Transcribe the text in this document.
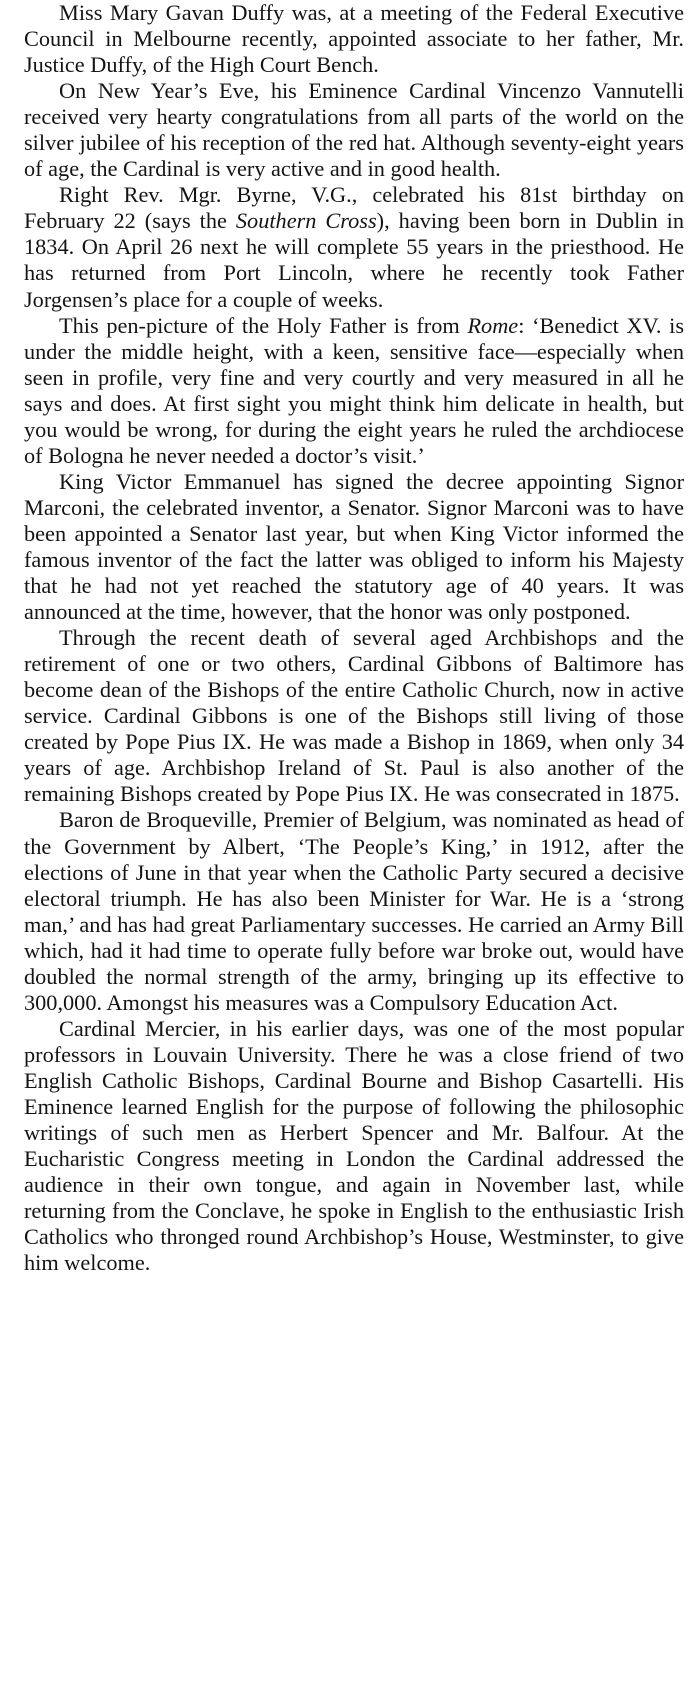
Miss Mary Gavan Duffy was, at a meeting of the Federal Executive Council in Melbourne recently, appointed associate to her father, Mr. Justice Duffy, of the High Court Bench.

On New Year’s Eve, his Eminence Cardinal Vincenzo Vannutelli received very hearty congratulations from all parts of the world on the silver jubilee of his reception of the red hat. Although seventy-eight years of age, the Cardinal is very active and in good health.

Right Rev. Mgr. Byrne, V.G., celebrated his 81st birthday on February 22 (says the Southern Cross), having been born in Dublin in 1834. On April 26 next he will complete 55 years in the priesthood. He has returned from Port Lincoln, where he recently took Father Jorgensen’s place for a couple of weeks.

This pen-picture of the Holy Father is from Rome: ‘Benedict XV. is under the middle height, with a keen, sensitive face—especially when seen in profile, very fine and very courtly and very measured in all he says and does. At first sight you might think him delicate in health, but you would be wrong, for during the eight years he ruled the archdiocese of Bologna he never needed a doctor’s visit.’

King Victor Emmanuel has signed the decree appointing Signor Marconi, the celebrated inventor, a Senator. Signor Marconi was to have been appointed a Senator last year, but when King Victor informed the famous inventor of the fact the latter was obliged to inform his Majesty that he had not yet reached the statutory age of 40 years. It was announced at the time, however, that the honor was only postponed.

Through the recent death of several aged Archbishops and the retirement of one or two others, Cardinal Gibbons of Baltimore has become dean of the Bishops of the entire Catholic Church, now in active service. Cardinal Gibbons is one of the Bishops still living of those created by Pope Pius IX. He was made a Bishop in 1869, when only 34 years of age. Archbishop Ireland of St. Paul is also another of the remaining Bishops created by Pope Pius IX. He was consecrated in 1875.

Baron de Broqueville, Premier of Belgium, was nominated as head of the Government by Albert, ‘The People’s King,’ in 1912, after the elections of June in that year when the Catholic Party secured a decisive electoral triumph. He has also been Minister for War. He is a ‘strong man,’ and has had great Parliamentary successes. He carried an Army Bill which, had it had time to operate fully before war broke out, would have doubled the normal strength of the army, bringing up its effective to 300,000. Amongst his measures was a Compulsory Education Act.

Cardinal Mercier, in his earlier days, was one of the most popular professors in Louvain University. There he was a close friend of two English Catholic Bishops, Cardinal Bourne and Bishop Casartelli. His Eminence learned English for the purpose of following the philosophic writings of such men as Herbert Spencer and Mr. Balfour. At the Eucharistic Congress meeting in London the Cardinal addressed the audience in their own tongue, and again in November last, while returning from the Conclave, he spoke in English to the enthusiastic Irish Catholics who thronged round Archbishop’s House, Westminster, to give him welcome.
